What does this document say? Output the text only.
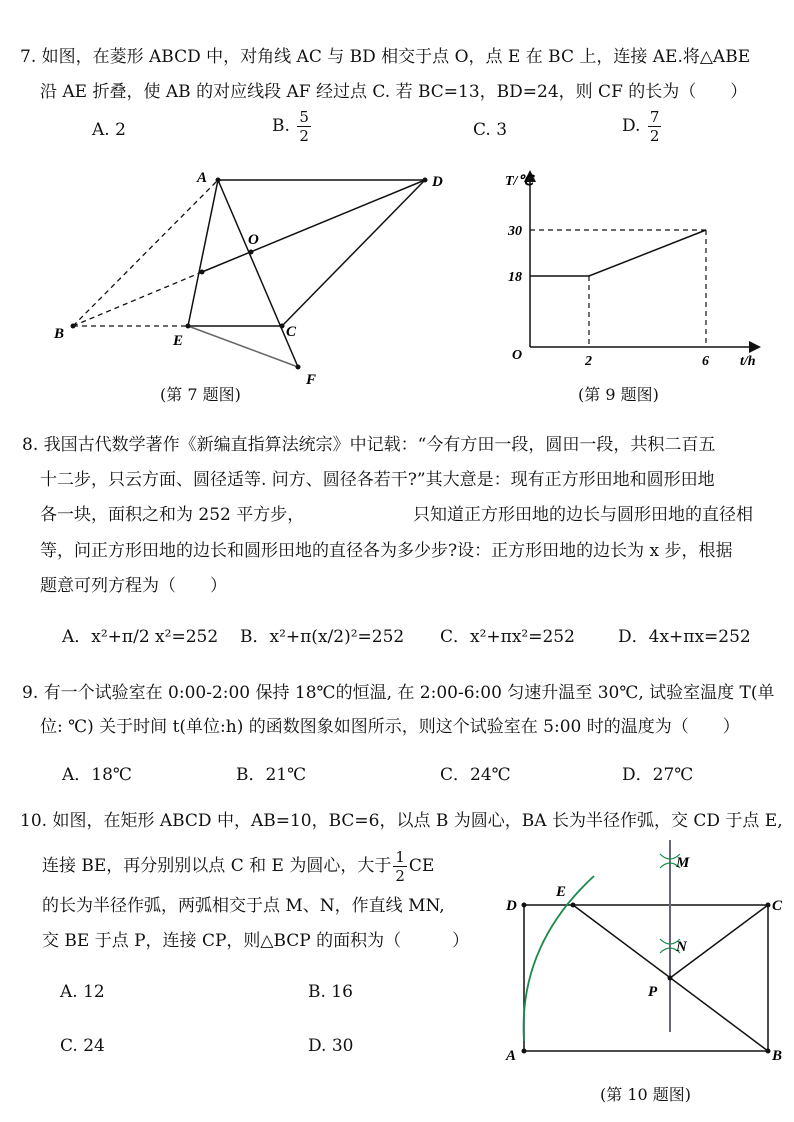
7. 如图，在菱形 ABCD 中，对角线 AC 与 BD 相交于点 O，点 E 在 BC 上，连接 AE.将△ABE
沿 AE 折叠，使 AB 的对应线段 AF 经过点 C. 若 BC=13，BD=24，则 CF 的长为（　　）
A. 2	B. $\frac{5}{2}$	C. 3	D. $\frac{7}{2}$
A	D
B	E
C
F
O
(第 7 题图)
T/℃
t/h
O
18
30
2	6
(第 9 题图)
8. 我国古代数学著作《新编直指算法统宗》中记载：“今有方田一段，圆田一段，共积二百五
十二步，只云方面、圆径适等. 问方、圆径各若干?”其大意是：现有正方形田地和圆形田地
各一块，面积之和为 252 平方步，	只知道正方形田地的边长与圆形田地的直径相
等，问正方形田地的边长和圆形田地的直径各为多少步?设：正方形田地的边长为 x 步，根据
题意可列方程为（　　）
A．x²+π/2 x²=252 B．x²+π(x/2)²=252 C．x²+πx²=252	D．4x+πx=252
9. 有一个试验室在 0:00-2:00 保持 18℃的恒温, 在 2:00-6:00 匀速升温至 30℃, 试验室温度 T(单
位: ℃) 关于时间 t(单位:h) 的函数图象如图所示，则这个试验室在 5:00 时的温度为（　　）
A．18℃	B．21℃	C．24℃	D．27℃
10. 如图，在矩形 ABCD 中，AB=10，BC=6，以点 B 为圆心，BA 长为半径作弧，交 CD 于点 E,
连接 BE，再分别别以点 C 和 E 为圆心，大于 $\frac{1}{2}$ CE
的长为半径作弧，两弧相交于点 M、N，作直线 MN,
交 BE 于点 P，连接 CP，则△BCP 的面积为（　　　）
A. 12	B. 16
C. 24	D. 30	A	B
C
D
E
M
N
P
(第 10 题图)
